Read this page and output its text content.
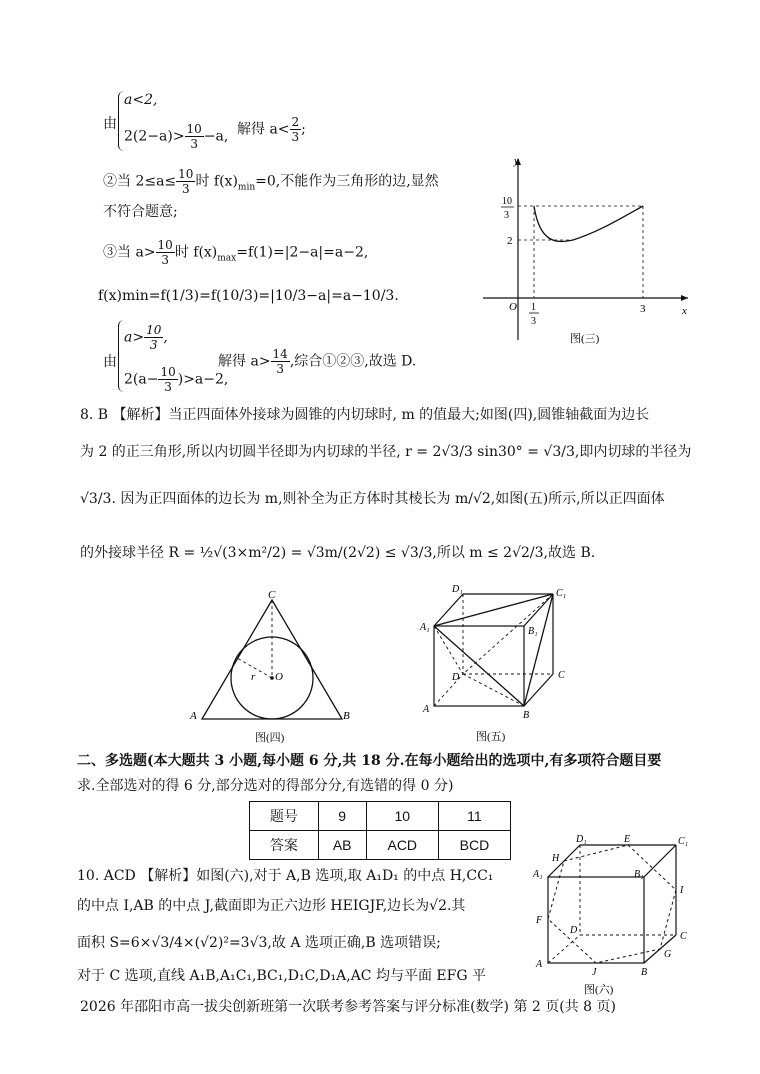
由
a<2,
$2(2-a)> \frac{10}{3} -a$, 解得 $a< \frac{2}{3}$ ;
②当 $2\le a\le \frac{10}{3}$ 时 $f(x)_{min}=0$,不能作为三角形的边,显然
不符合题意;
③当 $a> \frac{10}{3}$ 时 $f(x)_{max}=f(1)=|2-a|=a-2$,
f(x)min=f(1/3)=f(10/3)=|10/3−a|=a−10/3.
由
$a> \frac{10}{3}$ ,
$2(a- \frac{10}{3} )>a-2$,
解得 $a> \frac{14}{3}$ ,综合①②③,故选 D.
y
x
O
10
3
2
1
3
3
图(三)
8. B 【解析】当正四面体外接球为圆锥的内切球时, m 的值最大;如图(四),圆锥轴截面为边长
为 2 的正三角形,所以内切圆半径即为内切球的半径, r = 2√3/3 sin30° = √3/3,即内切球的半径为
√3/3. 因为正四面体的边长为 m,则补全为正方体时其棱长为 m/√2,如图(五)所示,所以正四面体
的外接球半径 R = ½√(3×m²/2) = √3m/(2√2) ≤ √3/3,所以 m ≤ 2√2/3,故选 B.
C
O
r
A	B
图(四)
D₁	C₁
A₁	B₁
D	C
A
B
图(五)
二、多选题(本大题共 3 小题,每小题 6 分,共 18 分.在每小题给出的选项中,有多项符合题目要
求.全部选对的得 6 分,部分选对的得部分分,有选错的得 0 分)
题号	9	10	11
答案	AB	ACD	BCD
10. ACD 【解析】如图(六),对于 A,B 选项,取 A₁D₁ 的中点 H,CC₁
的中点 I,AB 的中点 J,截面即为正六边形 HEIGJF,边长为√2.其
面积 S=6×√3/4×(√2)²=3√3,故 A 选项正确,B 选项错误;
对于 C 选项,直线 A₁B,A₁C₁,BC₁,D₁C,D₁A,AC 均与平面 EFG 平
D₁	E	C₁
H
A₁	B₁
I
F
D
C
G
A
J	B
图(六)
2026 年邵阳市高一拔尖创新班第一次联考参考答案与评分标准(数学) 第 2 页(共 8 页)
